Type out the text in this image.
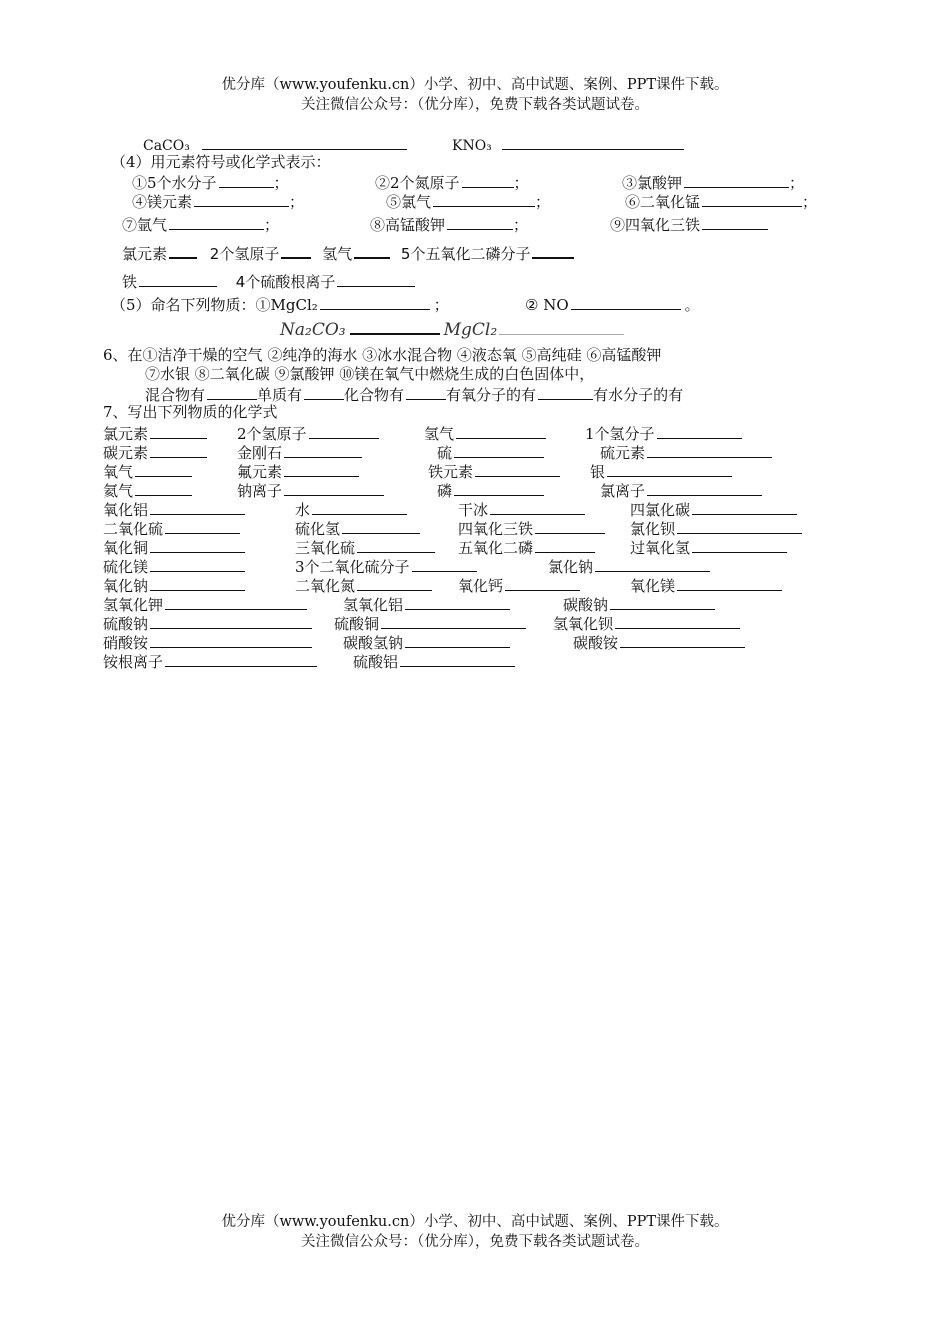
优分库（www.youfenku.cn）小学、初中、高中试题、案例、PPT课件下载。
关注微信公众号：（优分库），免费下载各类试题试卷。
CaCO₃	KNO₃
（4）用元素符号或化学式表示：
①5个水分子	；	②2个氮原子	；	③氯酸钾	；
④镁元素	；	⑤氯气	；	⑥二氧化锰	；
⑦氩气	；	⑧高锰酸钾	；	⑨四氧化三铁
氯元素	2个氢原子	氢气	5个五氧化二磷分子
铁	4个硫酸根离子
（5）命名下列物质：①MgCl₂	；	② NO	。
Na₂CO₃	MgCl₂
6、在①洁净干燥的空气 ②纯净的海水 ③冰水混合物 ④液态氧 ⑤高纯硅 ⑥高锰酸钾
⑦水银 ⑧二氧化碳 ⑨氯酸钾 ⑩镁在氧气中燃烧生成的白色固体中，
混合物有	单质有	化合物有	有氧分子的有	有水分子的有
7、写出下列物质的化学式
氯元素	2个氢原子	氢气	1个氢分子
碳元素	金刚石	硫	硫元素
氧气	氟元素	铁元素	银
氦气	钠离子	磷	氯离子
氧化铝	水	干冰	四氯化碳
二氧化硫	硫化氢	四氧化三铁	氯化钡
氧化铜	三氧化硫	五氧化二磷	过氧化氢
硫化镁	3个二氧化硫分子	氯化钠
氧化钠	二氧化氮	氧化钙	氧化镁
氢氧化钾	氢氧化铝	碳酸钠
硫酸钠	硫酸铜	氢氧化钡
硝酸铵	碳酸氢钠	碳酸铵
铵根离子	硫酸铝
优分库（www.youfenku.cn）小学、初中、高中试题、案例、PPT课件下载。
关注微信公众号：（优分库），免费下载各类试题试卷。
